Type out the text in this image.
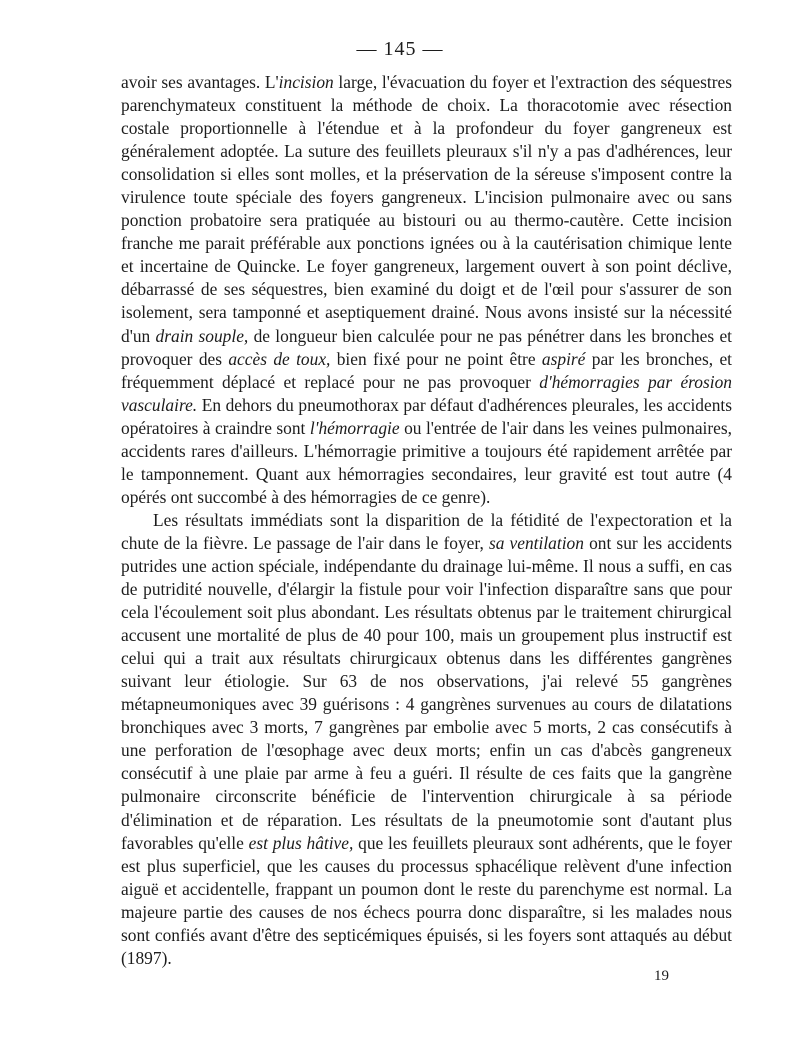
— 145 —

avoir ses avantages. L'incision large, l'évacuation du foyer et l'extraction des séquestres parenchymateux constituent la méthode de choix. La thoracotomie avec résection costale proportionnelle à l'étendue et à la profondeur du foyer gangreneux est généralement adoptée. La suture des feuillets pleuraux s'il n'y a pas d'adhérences, leur consolidation si elles sont molles, et la préservation de la séreuse s'imposent contre la virulence toute spéciale des foyers gangreneux. L'incision pulmonaire avec ou sans ponction probatoire sera pratiquée au bistouri ou au thermo-cautère. Cette incision franche me parait préférable aux ponctions ignées ou à la cautérisation chimique lente et incertaine de Quincke. Le foyer gangreneux, largement ouvert à son point déclive, débarrassé de ses séquestres, bien examiné du doigt et de l'œil pour s'assurer de son isolement, sera tamponné et aseptiquement drainé. Nous avons insisté sur la nécessité d'un drain souple, de longueur bien calculée pour ne pas pénétrer dans les bronches et provoquer des accès de toux, bien fixé pour ne point être aspiré par les bronches, et fréquemment déplacé et replacé pour ne pas provoquer d'hémorragies par érosion vasculaire. En dehors du pneumothorax par défaut d'adhérences pleurales, les accidents opératoires à craindre sont l'hémorragie ou l'entrée de l'air dans les veines pulmonaires, accidents rares d'ailleurs. L'hémorragie primitive a toujours été rapidement arrêtée par le tamponnement. Quant aux hémorragies secondaires, leur gravité est tout autre (4 opérés ont succombé à des hémorragies de ce genre).

Les résultats immédiats sont la disparition de la fétidité de l'expectoration et la chute de la fièvre. Le passage de l'air dans le foyer, sa ventilation ont sur les accidents putrides une action spéciale, indépendante du drainage lui-même. Il nous a suffi, en cas de putridité nouvelle, d'élargir la fistule pour voir l'infection disparaître sans que pour cela l'écoulement soit plus abondant. Les résultats obtenus par le traitement chirurgical accusent une mortalité de plus de 40 pour 100, mais un groupement plus instructif est celui qui a trait aux résultats chirurgicaux obtenus dans les différentes gangrènes suivant leur étiologie. Sur 63 de nos observations, j'ai relevé 55 gangrènes métapneumoniques avec 39 guérisons : 4 gangrènes survenues au cours de dilatations bronchiques avec 3 morts, 7 gangrènes par embolie avec 5 morts, 2 cas consécutifs à une perforation de l'œsophage avec deux morts; enfin un cas d'abcès gangreneux consécutif à une plaie par arme à feu a guéri. Il résulte de ces faits que la gangrène pulmonaire circonscrite bénéficie de l'intervention chirurgicale à sa période d'élimination et de réparation. Les résultats de la pneumotomie sont d'autant plus favorables qu'elle est plus hâtive, que les feuillets pleuraux sont adhérents, que le foyer est plus superficiel, que les causes du processus sphacélique relèvent d'une infection aiguë et accidentelle, frappant un poumon dont le reste du parenchyme est normal. La majeure partie des causes de nos échecs pourra donc disparaître, si les malades nous sont confiés avant d'être des septicémiques épuisés, si les foyers sont attaqués au début (1897).

19
